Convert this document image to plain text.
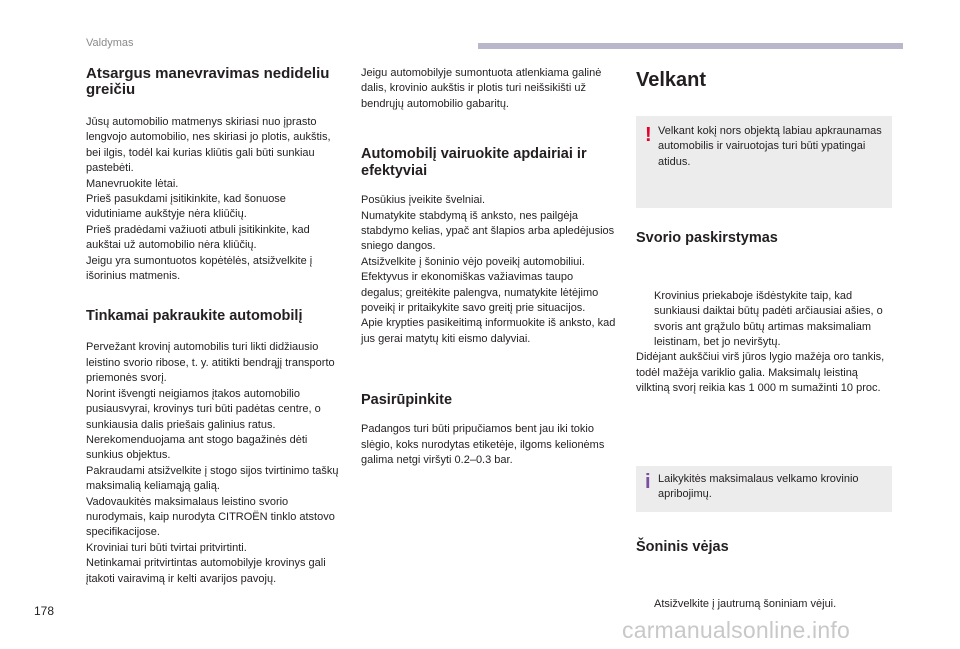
Valdymas
Atsargus manevravimas nedideliu greičiu

Jūsų automobilio matmenys skiriasi nuo įprasto lengvojo automobilio, nes skiriasi jo plotis, aukštis, bei ilgis, todėl kai kurias kliūtis gali būti sunkiau pastebėti.
Manevruokite lėtai.
Prieš pasukdami įsitikinkite, kad šonuose vidutiniame aukštyje nėra kliūčių.
Prieš pradėdami važiuoti atbuli įsitikinkite, kad aukštai už automobilio nėra kliūčių.
Jeigu yra sumontuotos kopėtėlės, atsižvelkite į išorinius matmenis.

Tinkamai pakraukite automobilį

Pervežant krovinį automobilis turi likti didžiausio leistino svorio ribose, t. y. atitikti bendrąjį transporto priemonės svorį.
Norint išvengti neigiamos įtakos automobilio pusiausvyrai, krovinys turi būti padėtas centre, o sunkiausia dalis priešais galinius ratus.
Nerekomenduojama ant stogo bagažinės dėti sunkius objektus.
Pakraudami atsižvelkite į stogo sijos tvirtinimo taškų maksimalią keliamąją galią.
Vadovaukitės maksimalaus leistino svorio nurodymais, kaip nurodyta CITROËN tinklo atstovo specifikacijose.
Kroviniai turi būti tvirtai pritvirtinti.
Netinkamai pritvirtintas automobilyje krovinys gali įtakoti vairavimą ir kelti avarijos pavojų.

Jeigu automobilyje sumontuota atlenkiama galinė dalis, krovinio aukštis ir plotis turi neišsikišti už bendrųjų automobilio gabaritų.

Automobilį vairuokite apdairiai ir efektyviai

Posūkius įveikite švelniai.
Numatykite stabdymą iš anksto, nes pailgėja stabdymo kelias, ypač ant šlapios arba apledėjusios sniego dangos.
Atsižvelkite į šoninio vėjo poveikį automobiliui.
Efektyvus ir ekonomiškas važiavimas taupo degalus; greitėkite palengva, numatykite lėtėjimo poveikį ir pritaikykite savo greitį prie situacijos.
Apie krypties pasikeitimą informuokite iš anksto, kad jus gerai matytų kiti eismo dalyviai.

Pasirūpinkite

Padangos turi būti pripučiamos bent jau iki tokio slėgio, koks nurodytas etiketėje, ilgoms kelionėms galima netgi viršyti 0.2–0.3 bar.

Velkant
! Velkant kokį nors objektą labiau apkraunamas automobilis ir vairuotojas turi būti ypatingai atidus.

Svorio paskirstymas

Krovinius priekaboje išdėstykite taip, kad sunkiausi daiktai būtų padėti arčiausiai ašies, o svoris ant grąžulo būtų artimas maksimaliam leistinam, bet jo neviršytų.

Didėjant aukščiui virš jūros lygio mažėja oro tankis, todėl mažėja variklio galia. Maksimalų leistiną vilktiną svorį reikia kas 1 000 m sumažinti 10 proc.

i Laikykitės maksimalaus velkamo krovinio apribojimų.

Šoninis vėjas

Atsižvelkite į jautrumą šoniniam vėjui.

178
carmanualsonline.info
